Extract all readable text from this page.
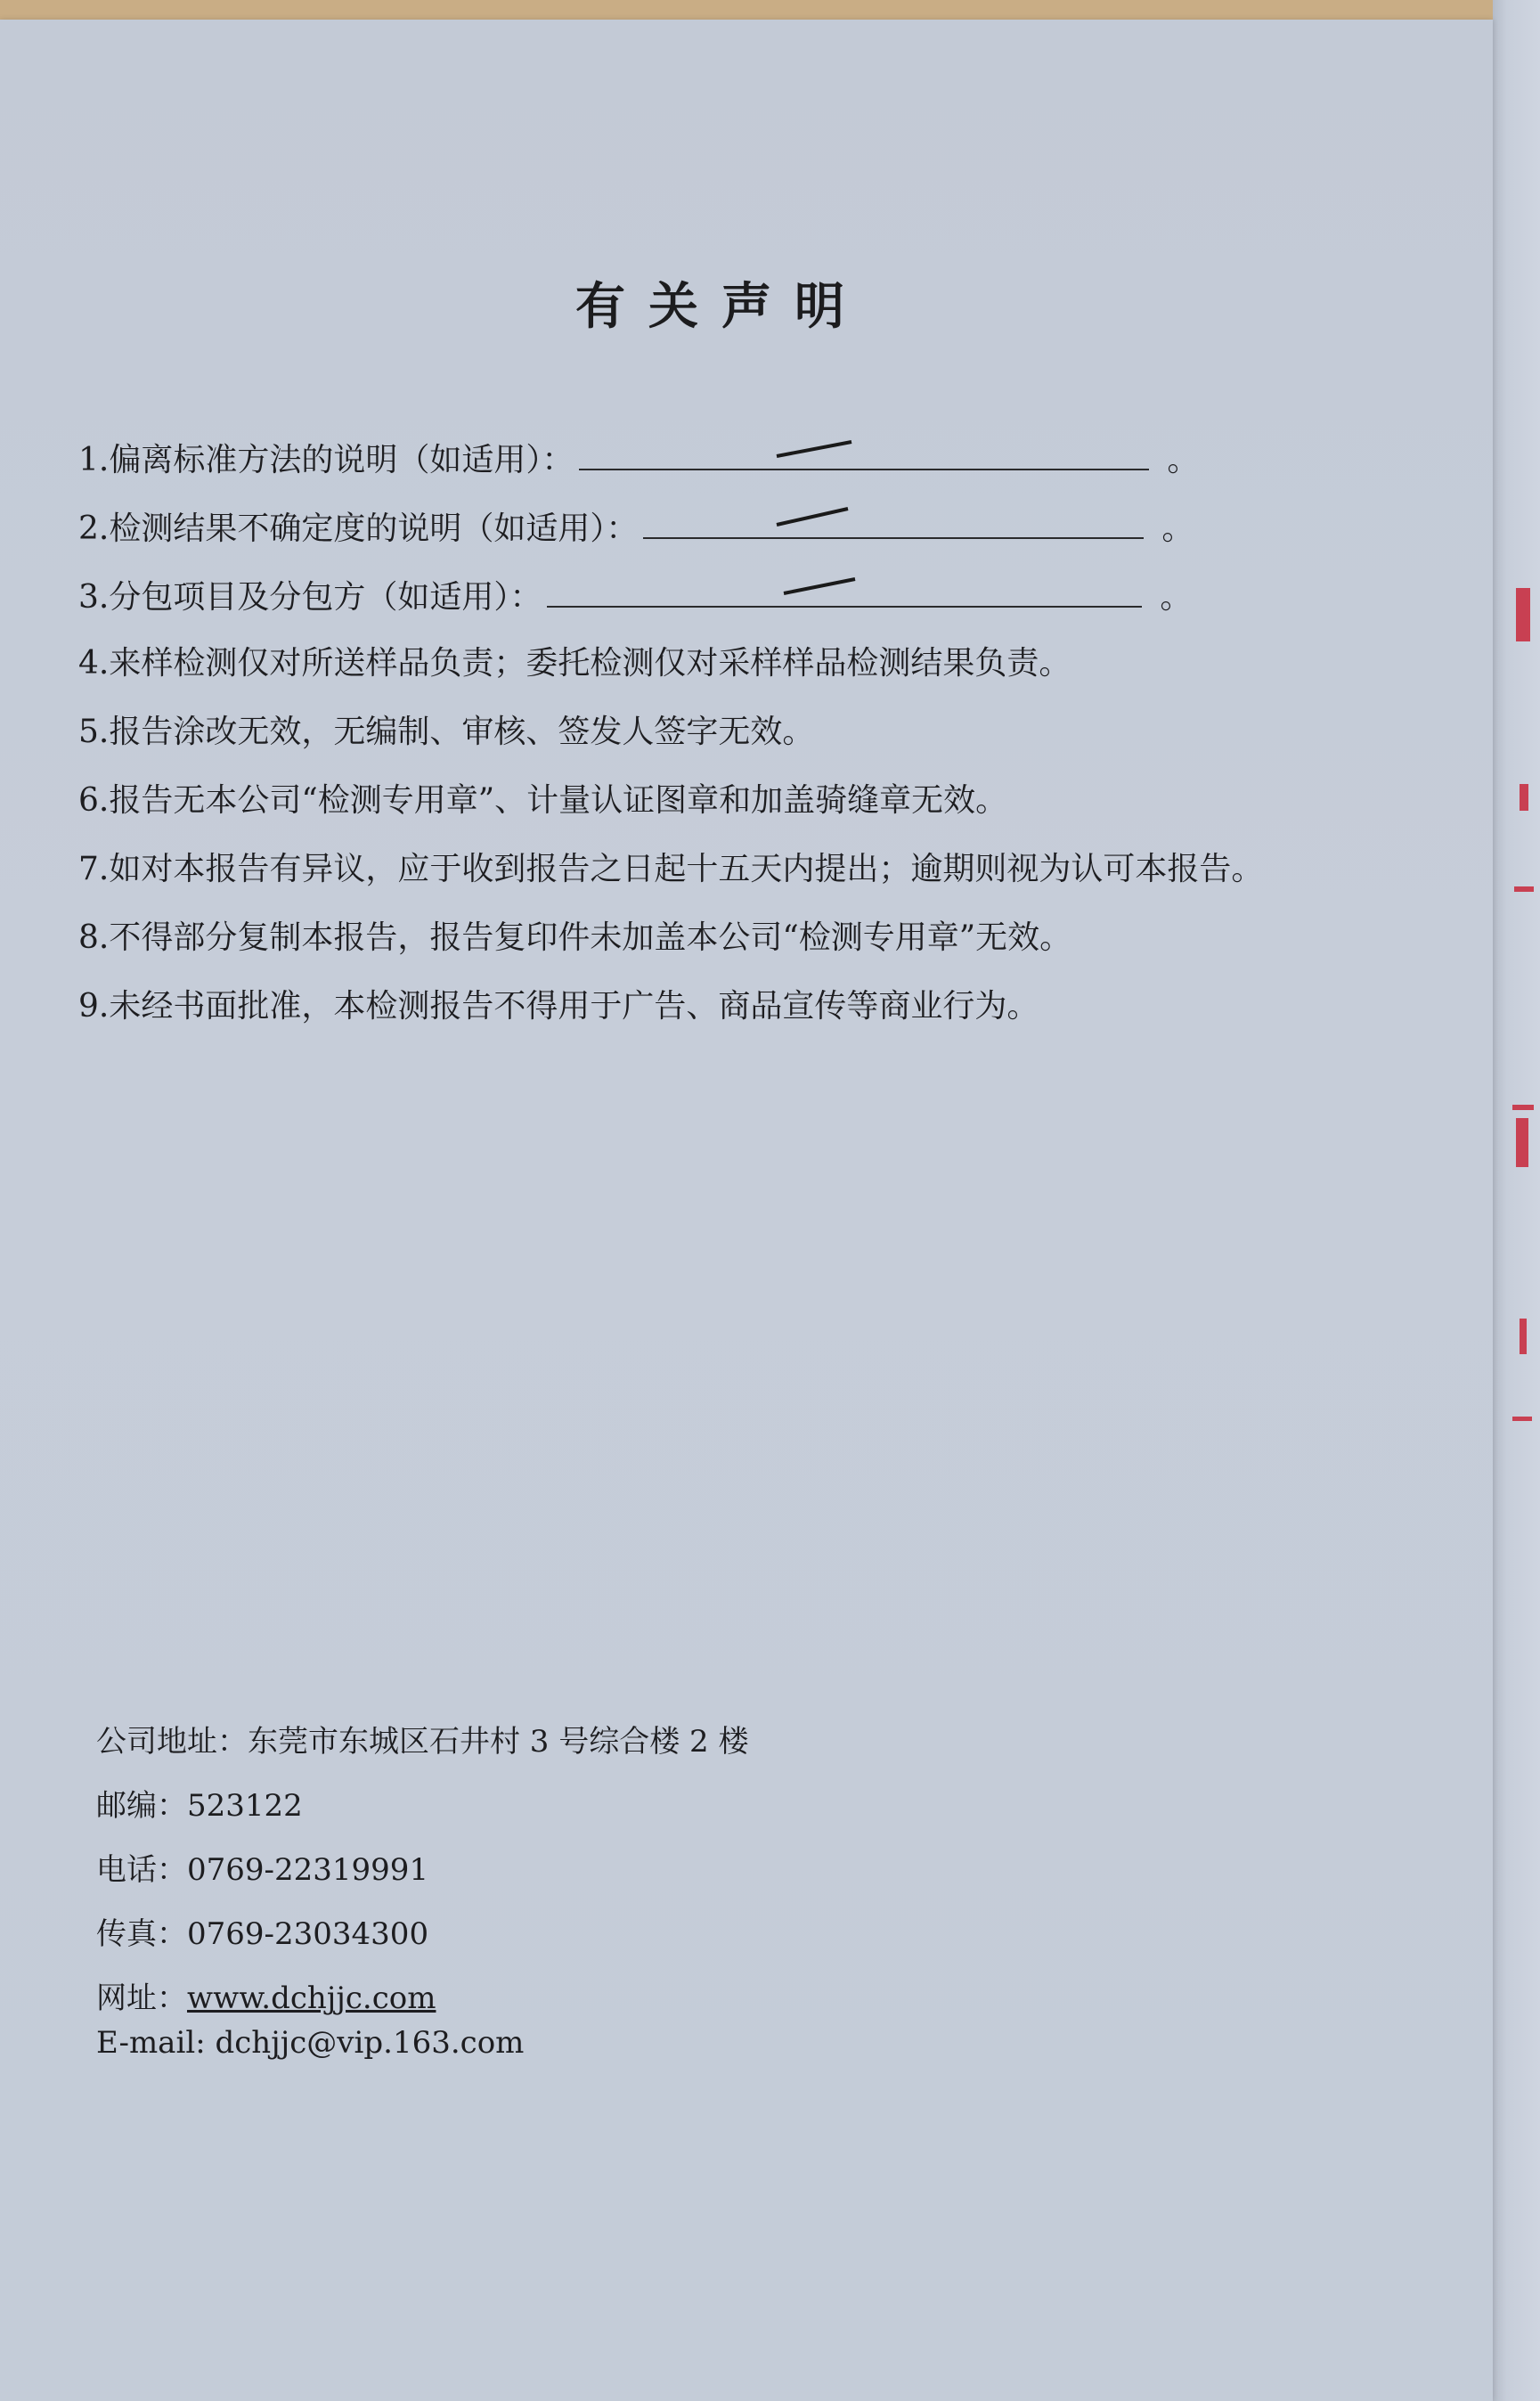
有关声明
1.偏离标准方法的说明（如适用）：	。
2.检测结果不确定度的说明（如适用）：	。
3.分包项目及分包方（如适用）：	。
4.来样检测仅对所送样品负责；委托检测仅对采样样品检测结果负责。
5.报告涂改无效，无编制、审核、签发人签字无效。
6.报告无本公司“检测专用章”、计量认证图章和加盖骑缝章无效。
7.如对本报告有异议，应于收到报告之日起十五天内提出；逾期则视为认可本报告。
8.不得部分复制本报告，报告复印件未加盖本公司“检测专用章”无效。
9.未经书面批准，本检测报告不得用于广告、商品宣传等商业行为。
公司地址：东莞市东城区石井村 3 号综合楼 2 楼
邮编：523122
电话：0769-22319991
传真：0769-23034300
网址：www.dchjjc.com
E-mail: dchjjc@vip.163.com
